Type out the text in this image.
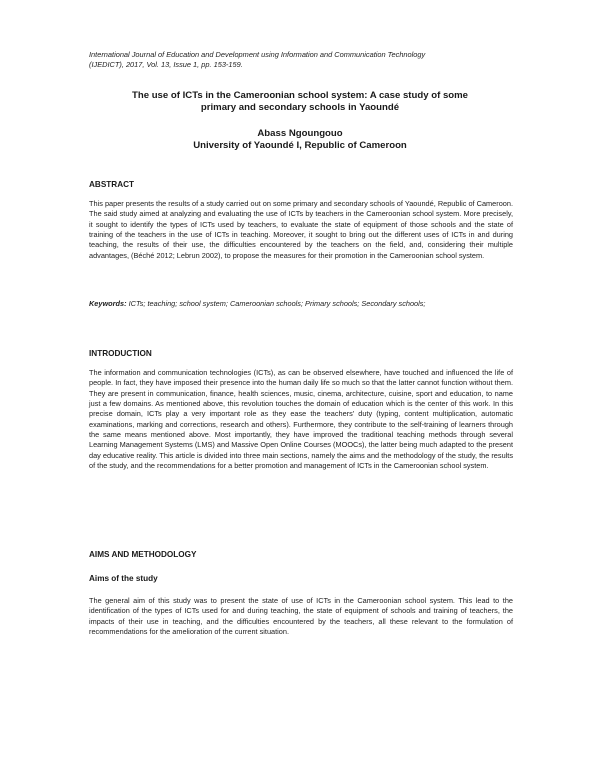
International Journal of Education and Development using Information and Communication Technology
(IJEDICT), 2017, Vol. 13, Issue 1, pp. 153-159.
The use of ICTs in the Cameroonian school system: A case study of some
primary and secondary schools in Yaoundé
Abass Ngoungouo
University of Yaoundé I, Republic of Cameroon
ABSTRACT
This paper presents the results of a study carried out on some primary and secondary schools of Yaoundé, Republic of Cameroon. The said study aimed at analyzing and evaluating the use of ICTs by teachers in the Cameroonian school system. More precisely, it sought to identify the types of ICTs used by teachers, to evaluate the state of equipment of those schools and the state of training of the teachers in the use of ICTs in teaching. Moreover, it sought to bring out the different uses of ICTs in and during teaching, the results of their use, the difficulties encountered by the teachers on the field, and, considering their multiple advantages, (Béché 2012; Lebrun 2002), to propose the measures for their promotion in the Cameroonian school system.
Keywords: ICTs; teaching; school system; Cameroonian schools; Primary schools; Secondary schools;
INTRODUCTION
The information and communication technologies (ICTs), as can be observed elsewhere, have touched and influenced the life of people. In fact, they have imposed their presence into the human daily life so much so that the latter cannot function without them. They are present in communication, finance, health sciences, music, cinema, architecture, cuisine, sport and education, to name just a few domains. As mentioned above, this revolution touches the domain of education which is the center of this work. In this precise domain, ICTs play a very important role as they ease the teachers’ duty (typing, content multiplication, automatic examinations, marking and corrections, research and others). Furthermore, they contribute to the self-training of learners through the same means mentioned above. Most importantly, they have improved the traditional teaching methods through several Learning Management Systems (LMS) and Massive Open Online Courses (MOOCs), the latter being much adapted to the present day educative reality. This article is divided into three main sections, namely the aims and the methodology of the study, the results of the study, and the recommendations for a better promotion and management of ICTs in the Cameroonian school system.
AIMS AND METHODOLOGY
Aims of the study
The general aim of this study was to present the state of use of ICTs in the Cameroonian school system. This lead to the identification of the types of ICTs used for and during teaching, the state of equipment of schools and training of teachers, the impacts of their use in teaching, and the difficulties encountered by the teachers, all these relevant to the formulation of recommendations for the amelioration of the current situation.
